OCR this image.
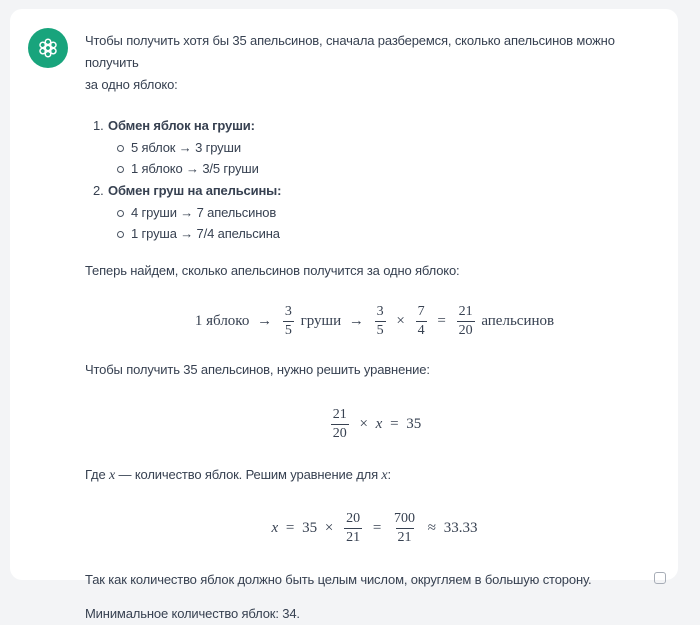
Чтобы получить хотя бы 35 апельсинов, сначала разберемся, сколько апельсинов можно получить
за одно яблоко:

1. Обмен яблок на груши:
5 яблок → 3 груши
1 яблоко → 3/5 груши
2. Обмен груш на апельсины:
4 груши → 7 апельсинов
1 груша → 7/4 апельсина

Теперь найдем, сколько апельсинов получится за одно яблоко:

1 яблоко → $\frac{3}{5}$ груши → $\frac{3}{5} \times \frac{7}{4} = \frac{21}{20}$ апельсинов

Чтобы получить 35 апельсинов, нужно решить уравнение:

$\frac{21}{20} \times x = 35$

Где x — количество яблок. Решим уравнение для x:

$x = 35 \times \frac{20}{21} = \frac{700}{21} \approx 33.33$

Так как количество яблок должно быть целым числом, округляем в большую сторону.

Минимальное количество яблок: 34.
